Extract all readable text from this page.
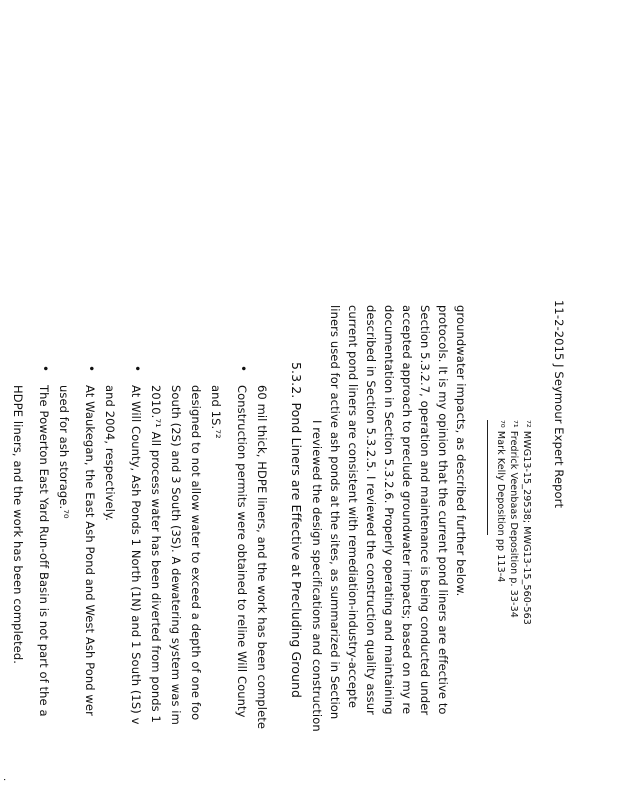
HDPE liners, and the work has been completed. The Powerton East Yard Run-off Basin is not part of the a
•
used for ash storage.⁷⁰ At Waukegan, the East Ash Pond and West Ash Pond wer
•
and 2004, respectively. At Will County, Ash Ponds 1 North (1N) and 1 South (1S) v
•
2010.⁷¹ All process water has been diverted from ponds 1 South (2S) and 3 South (3S). A dewatering system was im designed to not allow water to exceed a depth of one foo and 1S.⁷² Construction permits were obtained to reline Will County
•
60 mil thick, HDPE liners, and the work has been complete 5.3.2. Pond Liners are Effective at Precluding Ground I reviewed the design specifications and construction liners used for active ash ponds at the sites, as summarized in Section current pond liners are consistent with remediation-industry-accepte described in Section 5.3.2.5. I reviewed the construction quality assur documentation in Section 5.3.2.6. Properly operating and maintaining accepted approach to preclude groundwater impacts; based on my re Section 5.3.2.7, operation and maintenance is being conducted under protocols. It is my opinion that the current pond liners are effective to groundwater impacts, as described further below.	⁷⁰ Mark Kelly Deposition pp 113-4 ⁷¹ Fredrick Veenbaas Deposition p. 33-34 ⁷² MWG13-15_29538; MWG13-15_560-563
11-2-2015 J Seymour Expert Report
.
